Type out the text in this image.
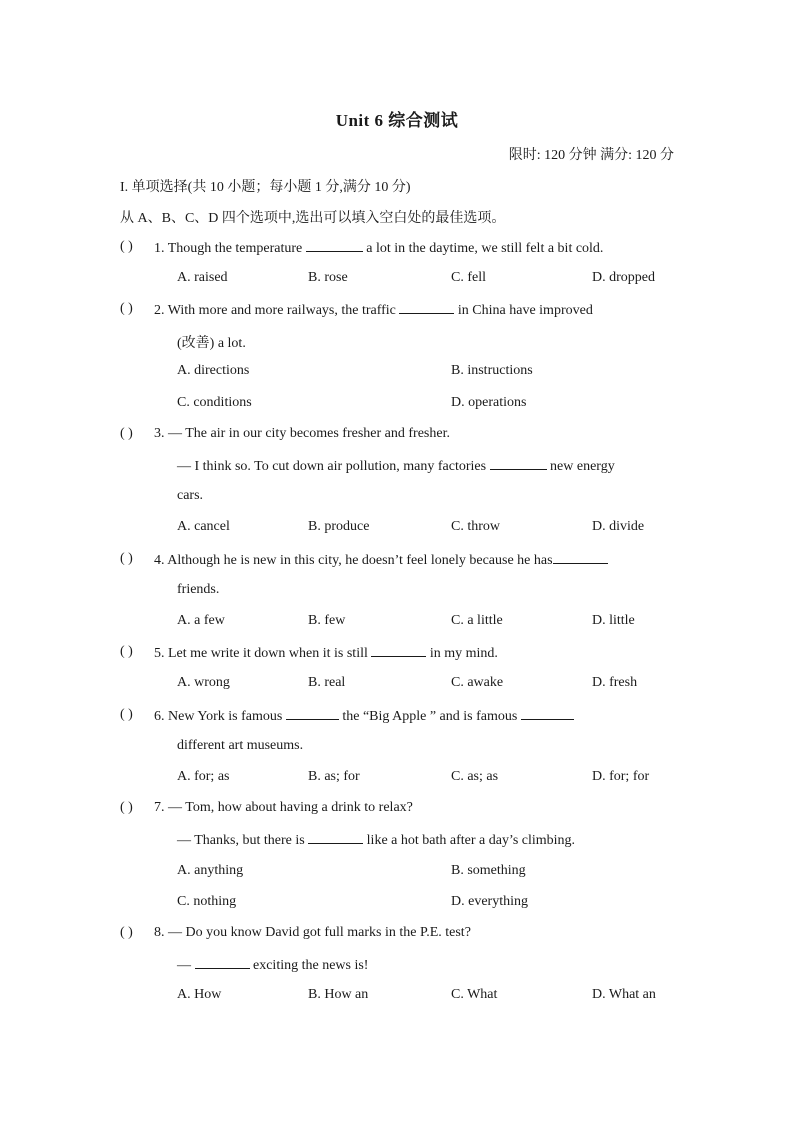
Unit 6 综合测试
限时: 120 分钟 满分: 120 分
I. 单项选择(共 10 小题；每小题 1 分,满分 10 分)
从 A、B、C、D 四个选项中,选出可以填入空白处的最佳选项。
( ) 1. Though the temperature	a lot in the daytime, we still felt a bit cold.
A. raised	B. rose	C. fell	D. dropped
( ) 2. With more and more railways, the traffic	in China have improved
(改善) a lot.
A. directions	B. instructions
C. conditions	D. operations
( ) 3. — The air in our city becomes fresher and fresher.
— I think so. To cut down air pollution, many factories	new energy
cars.
A. cancel	B. produce	C. throw	D. divide
( ) 4. Although he is new in this city, he doesn’t feel lonely because he has
friends.
A. a few	B. few	C. a little	D. little
( ) 5. Let me write it down when it is still	in my mind.
A. wrong	B. real	C. awake	D. fresh
( ) 6. New York is famous	the “Big Apple ” and is famous
different art museums.
A. for; as	B. as; for	C. as; as	D. for; for
( ) 7. — Tom, how about having a drink to relax?
— Thanks, but there is	like a hot bath after a day’s climbing.
A. anything	B. something
C. nothing	D. everything
( ) 8. — Do you know David got full marks in the P.E. test?
—	exciting the news is!
A. How	B. How an	C. What	D. What an
